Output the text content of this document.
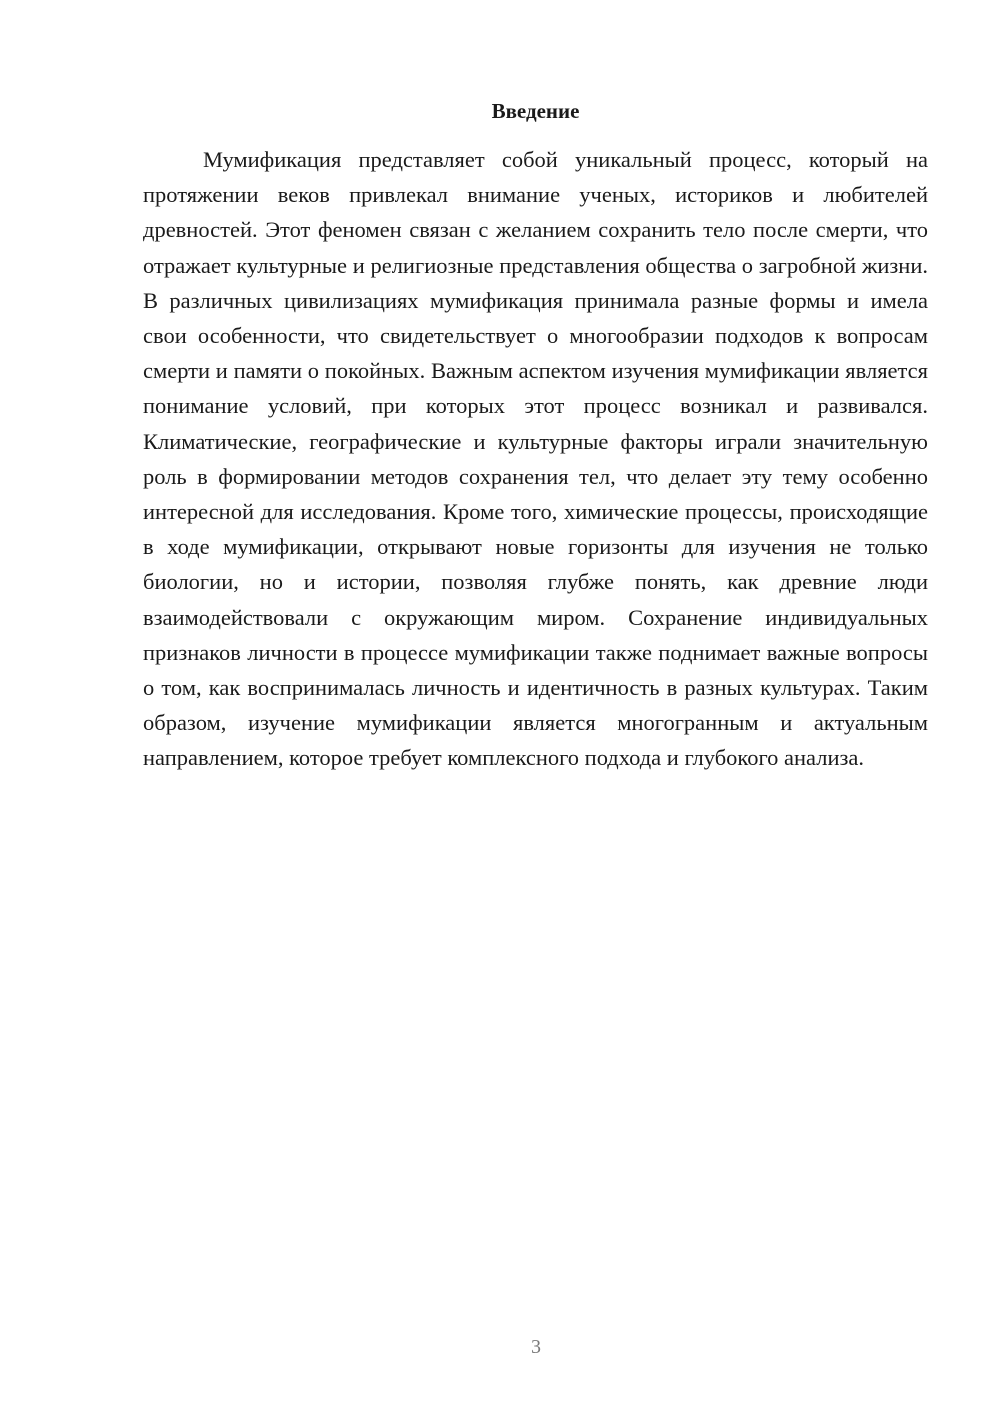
Введение

Мумификация представляет собой уникальный процесс, который на протяжении веков привлекал внимание ученых, историков и любителей древностей. Этот феномен связан с желанием сохранить тело после смерти, что отражает культурные и религиозные представления общества о загробной жизни. В различных цивилизациях мумификация принимала разные формы и имела свои особенности, что свидетельствует о многообразии подходов к вопросам смерти и памяти о покойных. Важным аспектом изучения мумификации является понимание условий, при которых этот процесс возникал и развивался. Климатические, географические и культурные факторы играли значительную роль в формировании методов сохранения тел, что делает эту тему особенно интересной для исследования. Кроме того, химические процессы, происходящие в ходе мумификации, открывают новые горизонты для изучения не только биологии, но и истории, позволяя глубже понять, как древние люди взаимодействовали с окружающим миром. Сохранение индивидуальных признаков личности в процессе мумификации также поднимает важные вопросы о том, как воспринималась личность и идентичность в разных культурах. Таким образом, изучение мумификации является многогранным и актуальным направлением, которое требует комплексного подхода и глубокого анализа.

3
